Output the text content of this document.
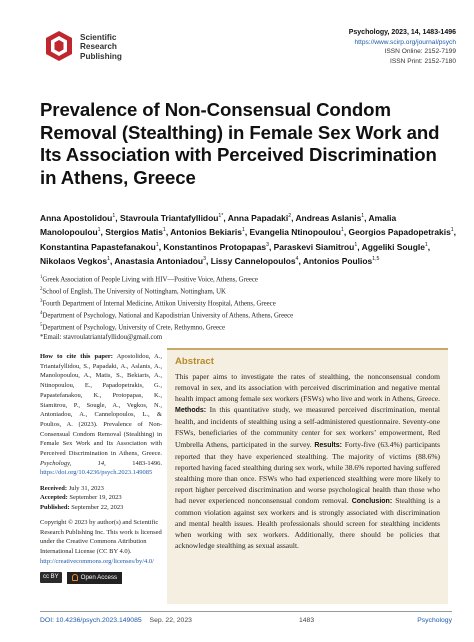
Scientific
Research
Publishing
Psychology, 2023, 14, 1483-1496
https://www.scirp.org/journal/psych
ISSN Online: 2152-7199
ISSN Print: 2152-7180
Prevalence of Non-Consensual Condom Removal (Stealthing) in Female Sex Work and Its Association with Perceived Discrimination in Athens, Greece
Anna Apostolidou$^1$, Stavroula Triantafyllidou$^{1*}$, Anna Papadaki$^2$, Andreas Aslanis$^1$, Amalia Manolopoulou$^1$, Stergios Matis$^1$, Antonios Bekiaris$^1$, Evangelia Ntinopoulou$^1$, Georgios Papadopetrakis$^1$, Konstantina Papastefanakou$^1$, Konstantinos Protopapas$^3$, Paraskevi Siamitrou$^1$, Aggeliki Sougle$^1$, Nikolaos Vegkos$^1$, Anastasia Antoniadou$^3$, Lissy Cannelopoulos$^4$, Antonios Poulios$^{1,5}$
$^1$Greek Association of People Living with HIV—Positive Voice, Athens, Greece
$^2$School of English, The University of Nottingham, Nottingham, UK
$^3$Fourth Department of Internal Medicine, Attikon University Hospital, Athens, Greece
$^4$Department of Psychology, National and Kapodistrian University of Athens, Athens, Greece
$^5$Department of Psychology, University of Crete, Rethymno, Greece
*Email: stavroulatriantafyllidou@gmail.com
How to cite this paper: Apostolidou, A., Triantafyllidou, S., Papadaki, A., Aslanis, A., Manolopoulou, A., Matis, S., Bekiaris, A., Ntinopoulou, E., Papadopetrakis, G., Papastefanakou, K., Protopapas, K., Siamitrou, P., Sougle, A., Vegkos, N., Antoniadou, A., Cannelopoulos, L., & Poulios, A. (2023). Prevalence of Non-Consensual Condom Removal (Stealthing) in Female Sex Work and Its Association with Perceived Discrimination in Athens, Greece. Psychology, 14,	1483-1496. https://doi.org/10.4236/psych.2023.149085
Received: July 31, 2023
Accepted: September 19, 2023
Published: September 22, 2023
Copyright © 2023 by author(s) and Scientific Research Publishing Inc. This work is licensed under the Creative Commons Attribution International License (CC BY 4.0).
http://creativecommons.org/licenses/by/4.0/
cc BY	Open Access
Abstract
This paper aims to investigate the rates of stealthing, the nonconsensual condom removal in sex, and its association with perceived discrimination and negative mental health impact among female sex workers (FSWs) who live and work in Athens, Greece. Methods: In this quantitative study, we measured perceived discrimination, mental health, and incidents of stealthing using a self-administered questionnaire. Seventy-one FSWs, beneficiaries of the community center for sex workers’ empowerment, Red Umbrella Athens, participated in the survey. Results: Forty-five (63.4%) participants reported that they have experienced stealthing. The majority of victims (88.6%) reported having faced stealthing during sex work, while 38.6% reported having suffered stealthing more than once. FSWs who had experienced stealthing were more likely to report higher perceived discrimination and worse psychological health than those who had never experienced nonconsensual condom removal. Conclusion: Stealthing is a common violation against sex workers and is strongly associated with discrimination and mental health issues. Health professionals should screen for stealthing incidents when working with sex workers. Additionally, there should be policies that acknowledge stealthing as sexual assault.
DOI: 10.4236/psych.2023.149085 Sep. 22, 2023	1483	Psychology
